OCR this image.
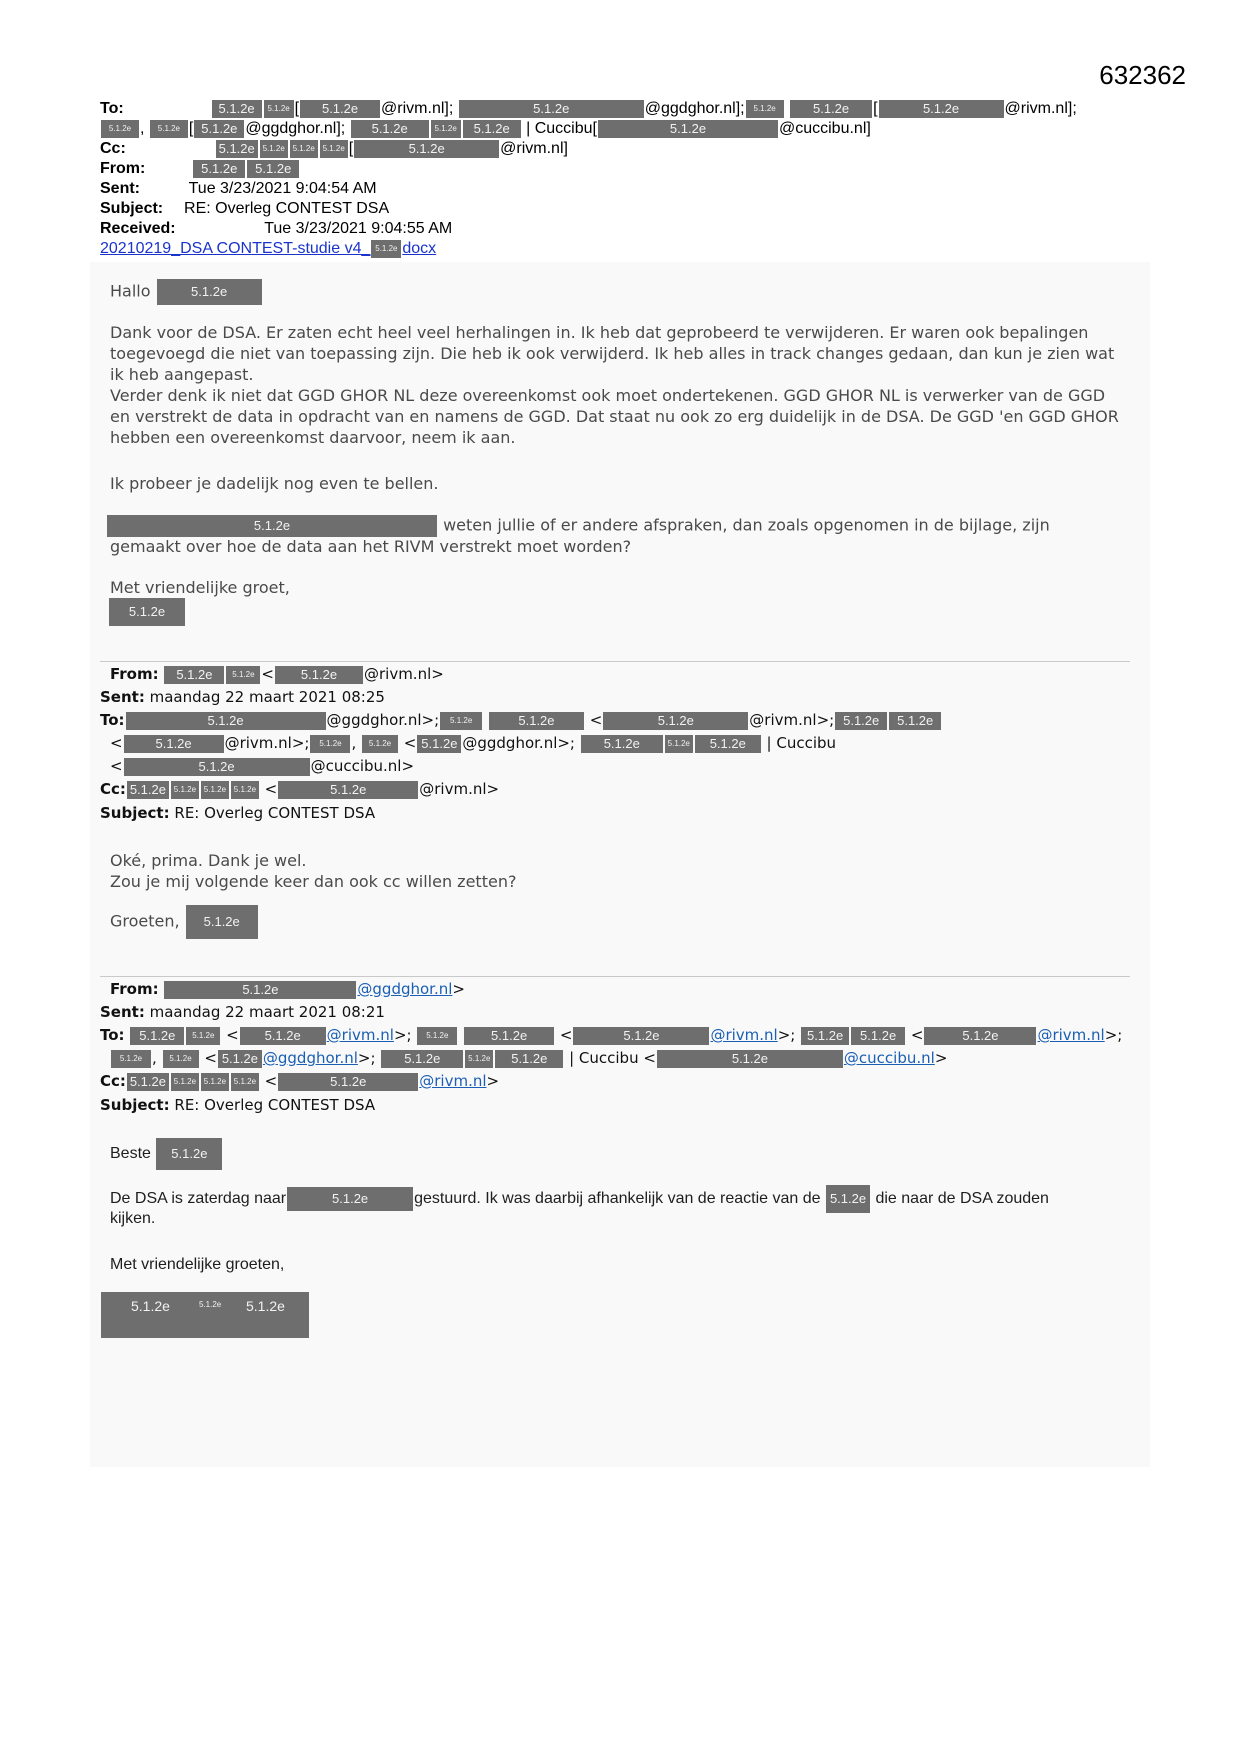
632362
To:	5.1.2e 5.1.2e [ 5.1.2e @rivm.nl];	5.1.2e	@ggdghor.nl]; 5.1.2e	5.1.2e [	5.1.2e	@rivm.nl];
5.1.2e , 5.1.2e [ 5.1.2e @ggdghor.nl]; 5.1.2e	5.1.2e 5.1.2e | Cuccibu[	5.1.2e	@cuccibu.nl]
Cc:	5.1.2e 5.1.2e 5.1.2e 5.1.2e [	5.1.2e	@rivm.nl]
From:	5.1.2e 5.1.2e
Sent:	Tue 3/23/2021 9:04:54 AM
Subject: RE: Overleg CONTEST DSA
Received:	Tue 3/23/2021 9:04:55 AM
20210219_DSA CONTEST-studie v4_ 5.1.2e docx
Hallo	5.1.2e
Dank voor de DSA. Er zaten echt heel veel herhalingen in. Ik heb dat geprobeerd te verwijderen. Er waren ook bepalingen toegevoegd die niet van toepassing zijn. Die heb ik ook verwijderd. Ik heb alles in track changes gedaan, dan kun je zien wat ik heb aangepast.
Verder denk ik niet dat GGD GHOR NL deze overeenkomst ook moet ondertekenen. GGD GHOR NL is verwerker van de GGD en verstrekt de data in opdracht van en namens de GGD. Dat staat nu ook zo erg duidelijk in de DSA. De GGD 'en GGD GHOR hebben een overeenkomst daarvoor, neem ik aan.
Ik probeer je dadelijk nog even te bellen.
5.1.2e	weten jullie of er andere afspraken, dan zoals opgenomen in de bijlage, zijn
gemaakt over hoe de data aan het RIVM verstrekt moet worden?
Met vriendelijke groet,
5.1.2e
From: 5.1.2e 5.1.2e < 5.1.2e @rivm.nl>
Sent: maandag 22 maart 2021 08:25
To:	5.1.2e	@ggdghor.nl>; 5.1.2e	5.1.2e <	5.1.2e	@rivm.nl>; 5.1.2e 5.1.2e
<	5.1.2e @rivm.nl>; 5.1.2e , 5.1.2e < 5.1.2e @ggdghor.nl>; 5.1.2e	5.1.2e 5.1.2e | Cuccibu
<	5.1.2e	@cuccibu.nl>
Cc: 5.1.2e 5.1.2e 5.1.2e 5.1.2e <	5.1.2e	@rivm.nl>
Subject: RE: Overleg CONTEST DSA
Oké, prima. Dank je wel.
Zou je mij volgende keer dan ook cc willen zetten?
Groeten, 5.1.2e
From:	5.1.2e	@ggdghor.nl>
Sent: maandag 22 maart 2021 08:21
To: 5.1.2e 5.1.2e < 5.1.2e @rivm.nl>; 5.1.2e	5.1.2e <	5.1.2e	@rivm.nl>; 5.1.2e 5.1.2e <	5.1.2e	@rivm.nl>;
5.1.2e , 5.1.2e < 5.1.2e @ggdghor.nl>; 5.1.2e	5.1.2e 5.1.2e | Cuccibu <	5.1.2e	@cuccibu.nl>
Cc: 5.1.2e 5.1.2e 5.1.2e 5.1.2e <	5.1.2e	@rivm.nl>
Subject: RE: Overleg CONTEST DSA
Beste 5.1.2e
De DSA is zaterdag naar	5.1.2e	gestuurd. Ik was daarbij afhankelijk van de reactie van de 5.1.2e die naar de DSA zouden
kijken.
Met vriendelijke groeten,
5.1.2e	5.1.2e 5.1.2e
